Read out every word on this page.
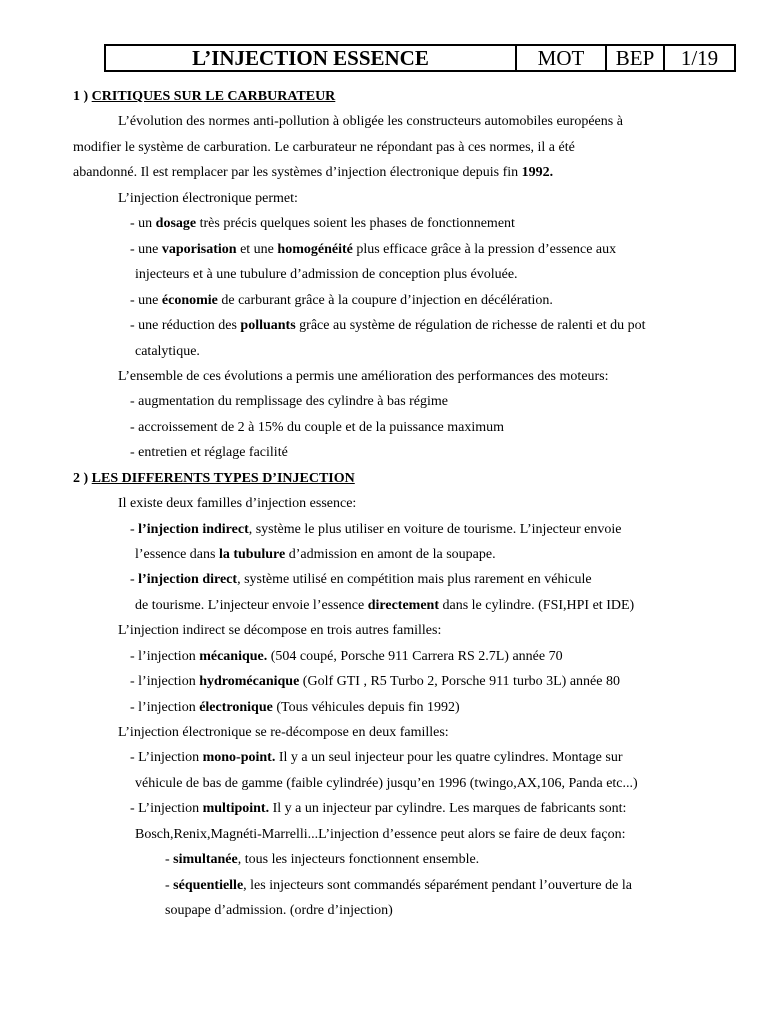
L’INJECTION ESSENCE	MOT	BEP	1/19
1 ) CRITIQUES SUR LE CARBURATEUR
L’évolution des normes anti-pollution à obligée les constructeurs automobiles européens à
modifier le système de carburation. Le carburateur ne répondant pas à ces normes, il a été
abandonné. Il est remplacer par les systèmes d’injection électronique depuis fin 1992.
L’injection électronique permet:
- un dosage très précis quelques soient les phases de fonctionnement
- une vaporisation et une homogénéité plus efficace grâce à la pression d’essence aux
injecteurs et à une tubulure d’admission de conception plus évoluée.
- une économie de carburant grâce à la coupure d’injection en décélération.
- une réduction des polluants grâce au système de régulation de richesse de ralenti et du pot
catalytique.
L’ensemble de ces évolutions a permis une amélioration des performances des moteurs:
- augmentation du remplissage des cylindre à bas régime
- accroissement de 2 à 15% du couple et de la puissance maximum
- entretien et réglage facilité
2 ) LES DIFFERENTS TYPES D’INJECTION
Il existe deux familles d’injection essence:
- l’injection indirect, système le plus utiliser en voiture de tourisme. L’injecteur envoie
l’essence dans la tubulure d’admission en amont de la soupape.
- l’injection direct, système utilisé en compétition mais plus rarement en véhicule
de tourisme. L’injecteur envoie l’essence directement dans le cylindre. (FSI,HPI et IDE)
L’injection indirect se décompose en trois autres familles:
- l’injection mécanique. (504 coupé, Porsche 911 Carrera RS 2.7L) année 70
- l’injection hydromécanique (Golf GTI , R5 Turbo 2, Porsche 911 turbo 3L) année 80
- l’injection électronique (Tous véhicules depuis fin 1992)
L’injection électronique se re-décompose en deux familles:
- L’injection mono-point. Il y a un seul injecteur pour les quatre cylindres. Montage sur
véhicule de bas de gamme (faible cylindrée) jusqu’en 1996 (twingo,AX,106, Panda etc...)
- L’injection multipoint. Il y a un injecteur par cylindre. Les marques de fabricants sont:
Bosch,Renix,Magnéti-Marrelli...L’injection d’essence peut alors se faire de deux façon:
- simultanée, tous les injecteurs fonctionnent ensemble.
- séquentielle, les injecteurs sont commandés séparément pendant l’ouverture de la
soupape d’admission. (ordre d’injection)
